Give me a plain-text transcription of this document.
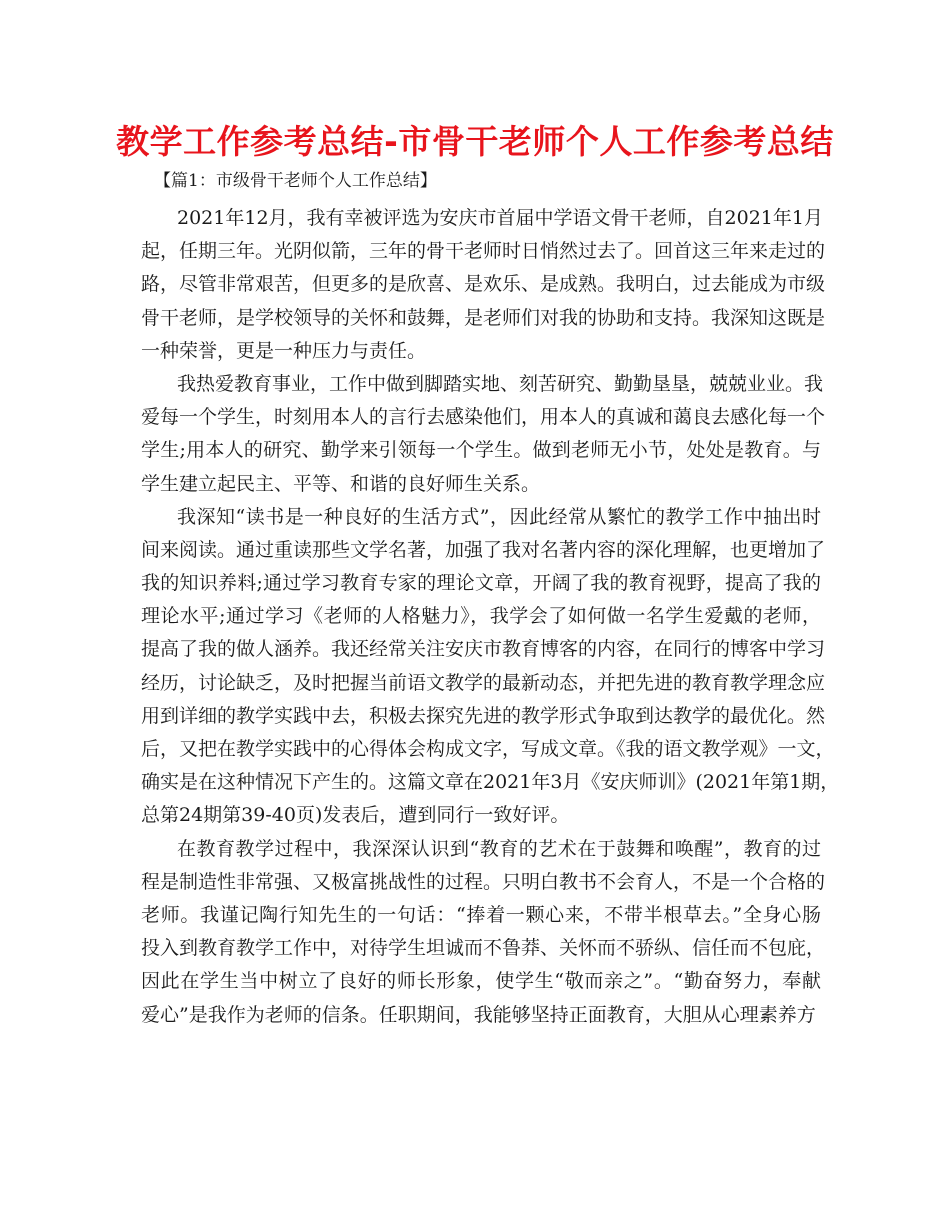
教学工作参考总结-市骨干老师个人工作参考总结
【篇1：市级骨干老师个人工作总结】
2021年12月，我有幸被评选为安庆市首届中学语文骨干老师，自2021年1月
起，任期三年。光阴似箭，三年的骨干老师时日悄然过去了。回首这三年来走过的
路，尽管非常艰苦，但更多的是欣喜、是欢乐、是成熟。我明白，过去能成为市级
骨干老师，是学校领导的关怀和鼓舞，是老师们对我的协助和支持。我深知这既是
一种荣誉，更是一种压力与责任。
我热爱教育事业，工作中做到脚踏实地、刻苦研究、勤勤垦垦，兢兢业业。我
爱每一个学生，时刻用本人的言行去感染他们，用本人的真诚和蔼良去感化每一个
学生;用本人的研究、勤学来引领每一个学生。做到老师无小节，处处是教育。与
学生建立起民主、平等、和谐的良好师生关系。
我深知“读书是一种良好的生活方式”，因此经常从繁忙的教学工作中抽出时
间来阅读。通过重读那些文学名著，加强了我对名著内容的深化理解，也更增加了
我的知识养料;通过学习教育专家的理论文章，开阔了我的教育视野，提高了我的
理论水平;通过学习《老师的人格魅力》，我学会了如何做一名学生爱戴的老师，
提高了我的做人涵养。我还经常关注安庆市教育博客的内容，在同行的博客中学习
经历，讨论缺乏，及时把握当前语文教学的最新动态，并把先进的教育教学理念应
用到详细的教学实践中去，积极去探究先进的教学形式争取到达教学的最优化。然
后，又把在教学实践中的心得体会构成文字，写成文章。《我的语文教学观》一文，
确实是在这种情况下产生的。这篇文章在2021年3月《安庆师训》(2021年第1期，
总第24期第39-40页)发表后，遭到同行一致好评。
在教育教学过程中，我深深认识到“教育的艺术在于鼓舞和唤醒”，教育的过
程是制造性非常强、又极富挑战性的过程。只明白教书不会育人，不是一个合格的
老师。我谨记陶行知先生的一句话：“捧着一颗心来，不带半根草去。”全身心肠
投入到教育教学工作中，对待学生坦诚而不鲁莽、关怀而不骄纵、信任而不包庇，
因此在学生当中树立了良好的师长形象，使学生“敬而亲之”。“勤奋努力，奉献
爱心”是我作为老师的信条。任职期间，我能够坚持正面教育，大胆从心理素养方
